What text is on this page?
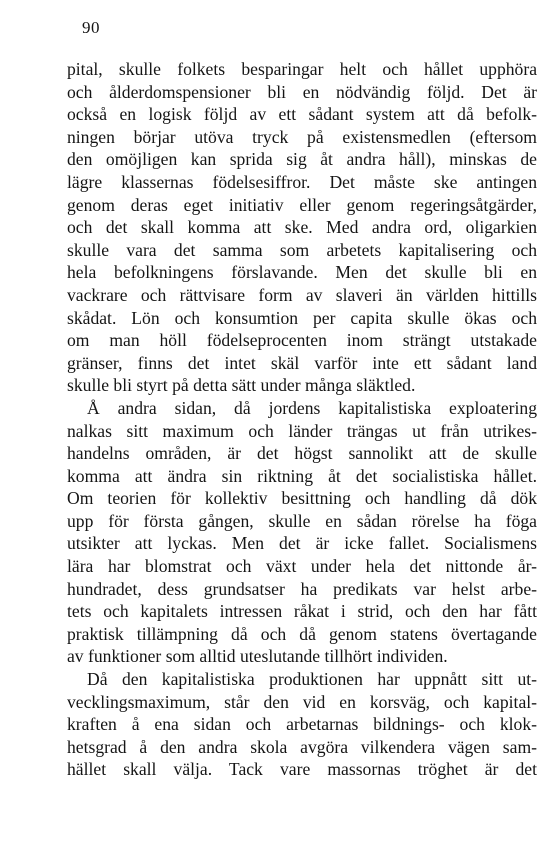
90
pital, skulle folkets besparingar helt och hållet upphöra
och ålderdomspensioner bli en nödvändig följd. Det är
också en logisk följd av ett sådant system att då befolk-
ningen börjar utöva tryck på existensmedlen (eftersom
den omöjligen kan sprida sig åt andra håll), minskas de
lägre klassernas födelsesiffror. Det måste ske antingen
genom deras eget initiativ eller genom regeringsåtgärder,
och det skall komma att ske. Med andra ord, oligarkien
skulle vara det samma som arbetets kapitalisering och
hela befolkningens förslavande. Men det skulle bli en
vackrare och rättvisare form av slaveri än världen hittills
skådat. Lön och konsumtion per capita skulle ökas och
om man höll födelseprocenten inom strängt utstakade
gränser, finns det intet skäl varför inte ett sådant land
skulle bli styrt på detta sätt under många släktled.
Å andra sidan, då jordens kapitalistiska exploatering
nalkas sitt maximum och länder trängas ut från utrikes-
handelns områden, är det högst sannolikt att de skulle
komma att ändra sin riktning åt det socialistiska hållet.
Om teorien för kollektiv besittning och handling då dök
upp för första gången, skulle en sådan rörelse ha föga
utsikter att lyckas. Men det är icke fallet. Socialismens
lära har blomstrat och växt under hela det nittonde år-
hundradet, dess grundsatser ha predikats var helst arbe-
tets och kapitalets intressen råkat i strid, och den har fått
praktisk tillämpning då och då genom statens övertagande
av funktioner som alltid uteslutande tillhört individen.
Då den kapitalistiska produktionen har uppnått sitt ut-
vecklingsmaximum, står den vid en korsväg, och kapital-
kraften å ena sidan och arbetarnas bildnings- och klok-
hetsgrad å den andra skola avgöra vilkendera vägen sam-
hället skall välja. Tack vare massornas tröghet är det
